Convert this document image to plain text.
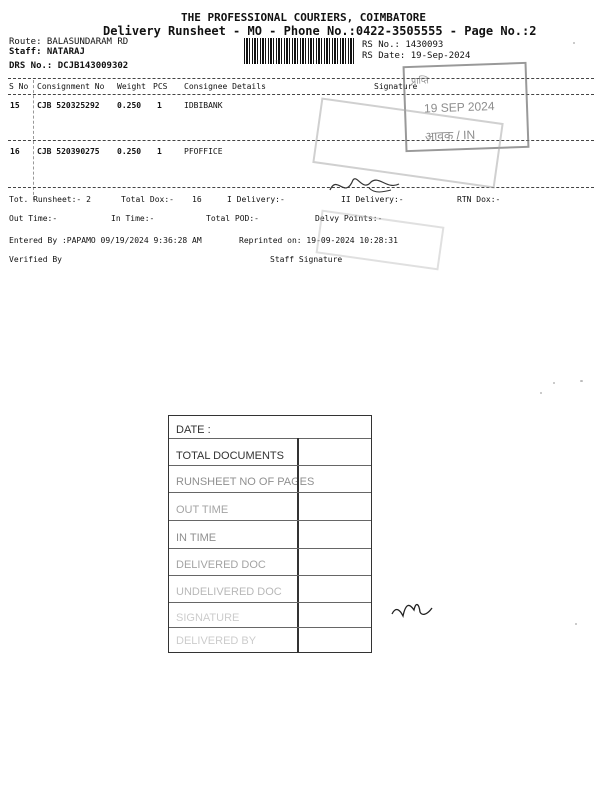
THE PROFESSIONAL COURIERS, COIMBATORE
Delivery Runsheet - MO - Phone No.:0422-3505555 - Page No.:2
Route: BALASUNDARAM RD
Staff: NATARAJ
DRS No.: DCJB143009302
RS No.: 1430093
RS Date: 19-Sep-2024
S No Consignment No Weight PCS Consignee Details	Signature
15 CJB 520325292 0.250 1	IDBIBANK
16 CJB 520390275 0.250 1	PFOFFICE
Tot. Runsheet:- 2	Total Dox:- 16	I Delivery:-	II Delivery:-	RTN Dox:-
Out Time:-	In Time:-	Total POD:-	Delvy Points:-
Entered By :PAPAMO 09/19/2024 9:36:28 AM	Reprinted on: 19-09-2024 10:28:31
Verified By	Staff Signature
प्राप्ति
19 SEP 2024
आवक / IN
DATE :
TOTAL DOCUMENTS
RUNSHEET NO OF PAGES
OUT TIME
IN TIME
DELIVERED DOC
UNDELIVERED DOC
SIGNATURE
DELIVERED BY
